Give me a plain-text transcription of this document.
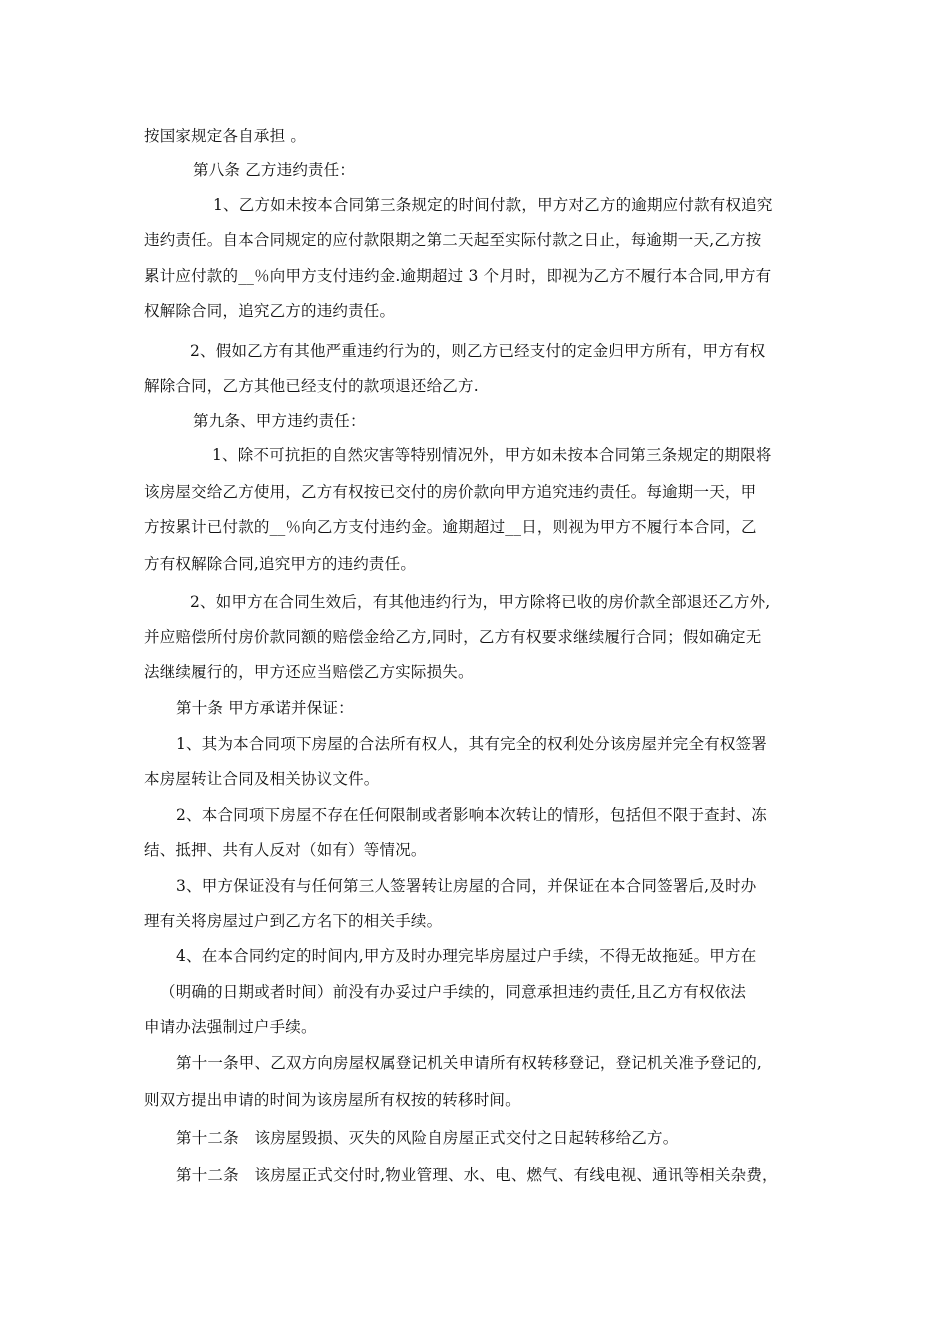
按国家规定各自承担 。
第八条 乙方违约责任：
1、乙方如未按本合同第三条规定的时间付款，甲方对乙方的逾期应付款有权追究
违约责任。自本合同规定的应付款限期之第二天起至实际付款之日止，每逾期一天,乙方按
累计应付款的__％向甲方支付违约金.逾期超过 3 个月时，即视为乙方不履行本合同,甲方有
权解除合同，追究乙方的违约责任。
2、假如乙方有其他严重违约行为的，则乙方已经支付的定金归甲方所有，甲方有权
解除合同，乙方其他已经支付的款项退还给乙方.
第九条、甲方违约责任：
1、除不可抗拒的自然灾害等特别情况外，甲方如未按本合同第三条规定的期限将
该房屋交给乙方使用，乙方有权按已交付的房价款向甲方追究违约责任。每逾期一天，甲
方按累计已付款的__％向乙方支付违约金。逾期超过__日，则视为甲方不履行本合同，乙
方有权解除合同,追究甲方的违约责任。
2、如甲方在合同生效后，有其他违约行为，甲方除将已收的房价款全部退还乙方外,
并应赔偿所付房价款同额的赔偿金给乙方,同时，乙方有权要求继续履行合同；假如确定无
法继续履行的，甲方还应当赔偿乙方实际损失。
第十条 甲方承诺并保证：
1、其为本合同项下房屋的合法所有权人，其有完全的权利处分该房屋并完全有权签署
本房屋转让合同及相关协议文件。
2、本合同项下房屋不存在任何限制或者影响本次转让的情形，包括但不限于查封、冻
结、抵押、共有人反对（如有）等情况。
3、甲方保证没有与任何第三人签署转让房屋的合同，并保证在本合同签署后,及时办
理有关将房屋过户到乙方名下的相关手续。
4、在本合同约定的时间内,甲方及时办理完毕房屋过户手续，不得无故拖延。甲方在
（明确的日期或者时间）前没有办妥过户手续的，同意承担违约责任,且乙方有权依法
申请办法强制过户手续。
第十一条甲、乙双方向房屋权属登记机关申请所有权转移登记，登记机关准予登记的,
则双方提出申请的时间为该房屋所有权按的转移时间。
第十二条　该房屋毁损、灭失的风险自房屋正式交付之日起转移给乙方。
第十二条　该房屋正式交付时,物业管理、水、电、燃气、有线电视、通讯等相关杂费，
